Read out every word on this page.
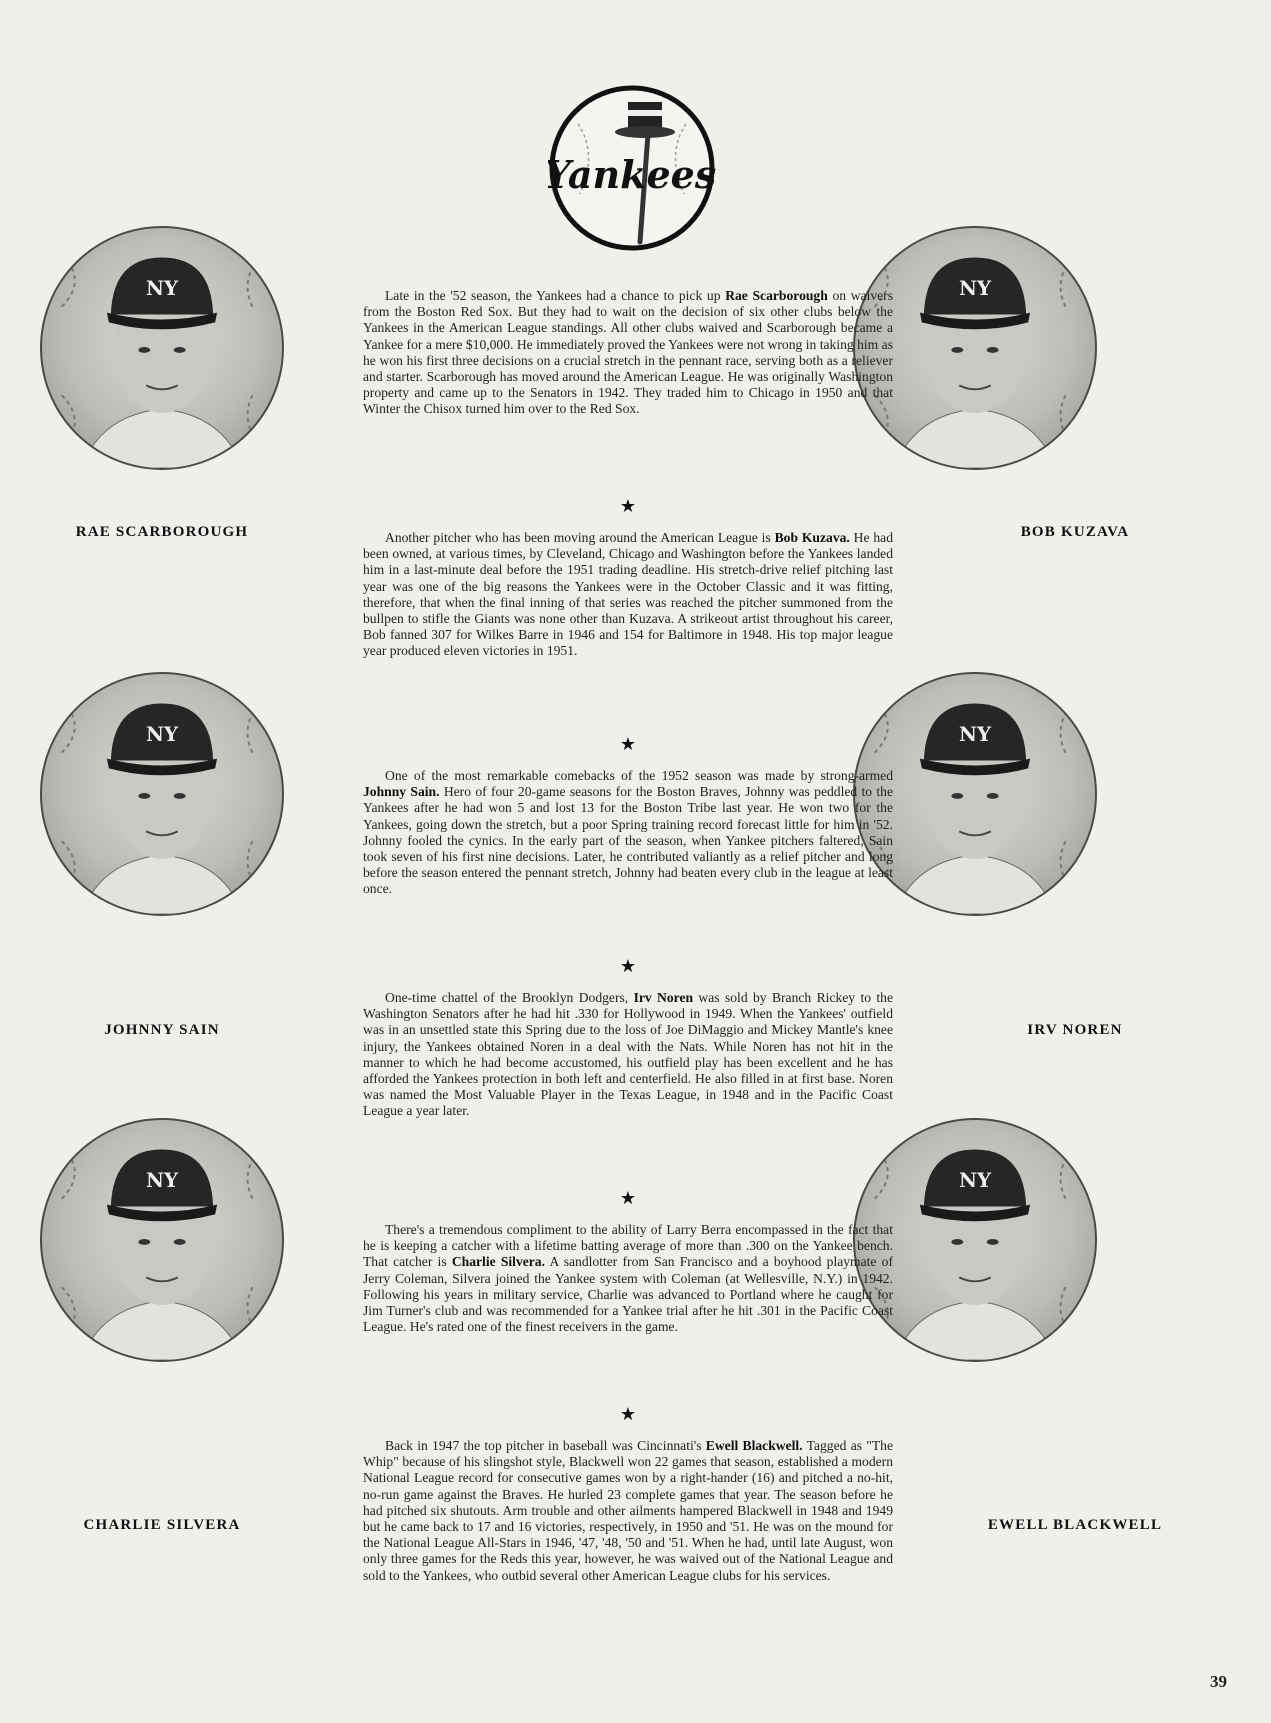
Yankees
NY	NY
NY	NY
NY	NY
RAE SCARBOROUGH	BOB KUZAVA
JOHNNY SAIN	IRV NOREN
CHARLIE SILVERA	EWELL BLACKWELL

Late in the '52 season, the Yankees had a chance to pick up Rae Scarborough on waivers from the Boston Red Sox. But they had to wait on the decision of six other clubs below the Yankees in the American League standings. All other clubs waived and Scarborough became a Yankee for a mere $10,000. He immediately proved the Yankees were not wrong in taking him as he won his first three decisions on a crucial stretch in the pennant race, serving both as a reliever and starter. Scarborough has moved around the American League. He was originally Washington property and came up to the Senators in 1942. They traded him to Chicago in 1950 and that Winter the Chisox turned him over to the Red Sox.

★

Another pitcher who has been moving around the American League is Bob Kuzava. He had been owned, at various times, by Cleveland, Chicago and Washington before the Yankees landed him in a last-minute deal before the 1951 trading deadline. His stretch-drive relief pitching last year was one of the big reasons the Yankees were in the October Classic and it was fitting, therefore, that when the final inning of that series was reached the pitcher summoned from the bullpen to stifle the Giants was none other than Kuzava. A strikeout artist throughout his career, Bob fanned 307 for Wilkes Barre in 1946 and 154 for Baltimore in 1948. His top major league year produced eleven victories in 1951.

★

One of the most remarkable comebacks of the 1952 season was made by strong-armed Johnny Sain. Hero of four 20-game seasons for the Boston Braves, Johnny was peddled to the Yankees after he had won 5 and lost 13 for the Boston Tribe last year. He won two for the Yankees, going down the stretch, but a poor Spring training record forecast little for him in '52. Johnny fooled the cynics. In the early part of the season, when Yankee pitchers faltered, Sain took seven of his first nine decisions. Later, he contributed valiantly as a relief pitcher and long before the season entered the pennant stretch, Johnny had beaten every club in the league at least once.

★

One-time chattel of the Brooklyn Dodgers, Irv Noren was sold by Branch Rickey to the Washington Senators after he had hit .330 for Hollywood in 1949. When the Yankees' outfield was in an unsettled state this Spring due to the loss of Joe DiMaggio and Mickey Mantle's knee injury, the Yankees obtained Noren in a deal with the Nats. While Noren has not hit in the manner to which he had become accustomed, his outfield play has been excellent and he has afforded the Yankees protection in both left and centerfield. He also filled in at first base. Noren was named the Most Valuable Player in the Texas League, in 1948 and in the Pacific Coast League a year later.

★

There's a tremendous compliment to the ability of Larry Berra encompassed in the fact that he is keeping a catcher with a lifetime batting average of more than .300 on the Yankee bench. That catcher is Charlie Silvera. A sandlotter from San Francisco and a boyhood playmate of Jerry Coleman, Silvera joined the Yankee system with Coleman (at Wellesville, N.Y.) in 1942. Following his years in military service, Charlie was advanced to Portland where he caught for Jim Turner's club and was recommended for a Yankee trial after he hit .301 in the Pacific Coast League. He's rated one of the finest receivers in the game.

★

Back in 1947 the top pitcher in baseball was Cincinnati's Ewell Blackwell. Tagged as "The Whip" because of his slingshot style, Blackwell won 22 games that season, established a modern National League record for consecutive games won by a right-hander (16) and pitched a no-hit, no-run game against the Braves. He hurled 23 complete games that year. The season before he had pitched six shutouts. Arm trouble and other ailments hampered Blackwell in 1948 and 1949 but he came back to 17 and 16 victories, respectively, in 1950 and '51. He was on the mound for the National League All-Stars in 1946, '47, '48, '50 and '51. When he had, until late August, won only three games for the Reds this year, however, he was waived out of the National League and sold to the Yankees, who outbid several other American League clubs for his services.

39
